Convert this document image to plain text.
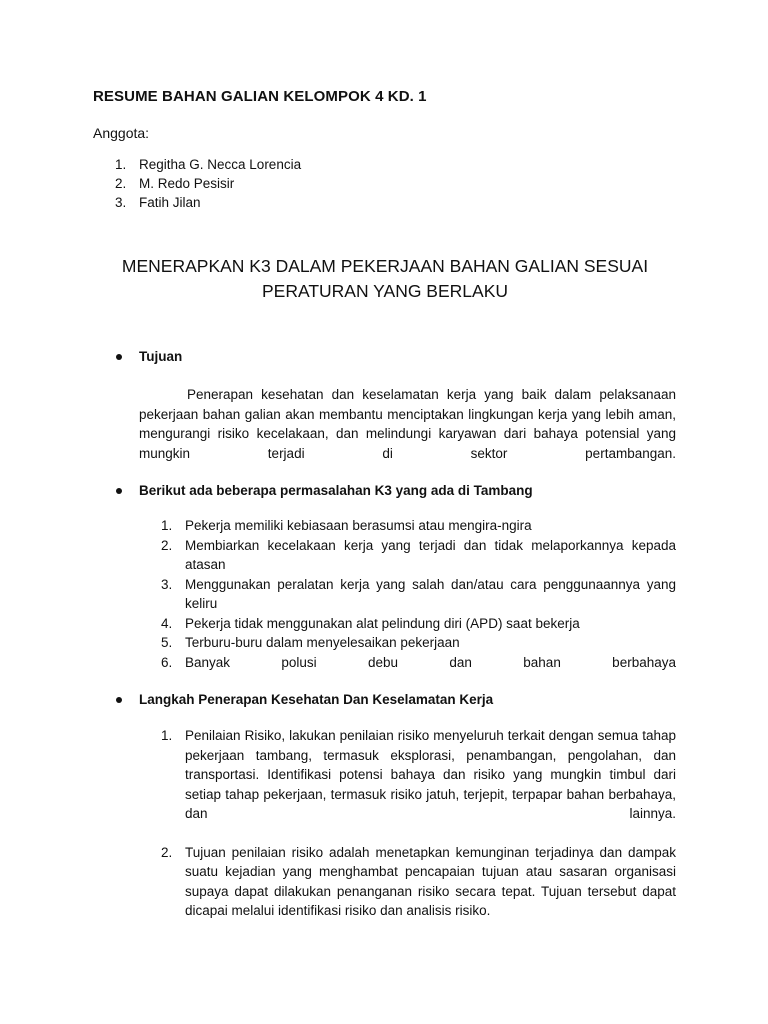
RESUME BAHAN GALIAN KELOMPOK 4 KD. 1
Anggota:
1. Regitha G. Necca Lorencia
2. M. Redo Pesisir
3. Fatih Jilan
MENERAPKAN K3 DALAM PEKERJAAN BAHAN GALIAN SESUAI PERATURAN YANG BERLAKU
Tujuan

Penerapan kesehatan dan keselamatan kerja yang baik dalam pelaksanaan pekerjaan bahan galian akan membantu menciptakan lingkungan kerja yang lebih aman, mengurangi risiko kecelakaan, dan melindungi karyawan dari bahaya potensial yang mungkin terjadi di sektor pertambangan.

Berikut ada beberapa permasalahan K3 yang ada di Tambang
1. Pekerja memiliki kebiasaan berasumsi atau mengira-ngira
2. Membiarkan kecelakaan kerja yang terjadi dan tidak melaporkannya kepada atasan
3. Menggunakan peralatan kerja yang salah dan/atau cara penggunaannya yang keliru
4. Pekerja tidak menggunakan alat pelindung diri (APD) saat bekerja
5. Terburu-buru dalam menyelesaikan pekerjaan
6. Banyak polusi debu dan bahan berbahaya
Langkah Penerapan Kesehatan Dan Keselamatan Kerja
1. Penilaian Risiko, lakukan penilaian risiko menyeluruh terkait dengan semua tahap pekerjaan tambang, termasuk eksplorasi, penambangan, pengolahan, dan transportasi. Identifikasi potensi bahaya dan risiko yang mungkin timbul dari setiap tahap pekerjaan, termasuk risiko jatuh, terjepit, terpapar bahan berbahaya, dan lainnya.
2. Tujuan penilaian risiko adalah menetapkan kemunginan terjadinya dan dampak suatu kejadian yang menghambat pencapaian tujuan atau sasaran organisasi supaya dapat dilakukan penanganan risiko secara tepat. Tujuan tersebut dapat dicapai melalui identifikasi risiko dan analisis risiko.
